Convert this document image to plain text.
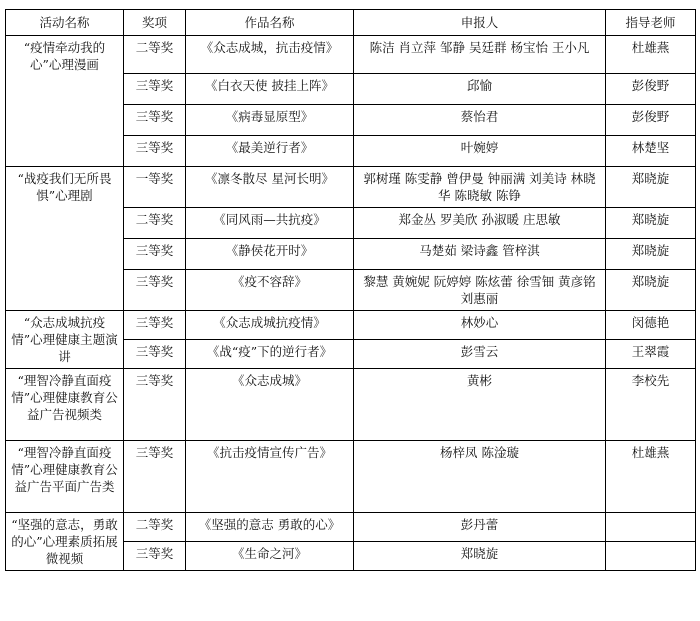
活动名称	奖项	作品名称	申报人	指导老师
“疫情牵动我的心”心理漫画	二等奖	《众志成城，抗击疫情》	陈洁 肖立萍 邹静 吴廷群 杨宝怡 王小凡	杜雄燕
	三等奖	《白衣天使 披挂上阵》	邱愉	彭俊野
	三等奖	《病毒显原型》	蔡怡君	彭俊野
	三等奖	《最美逆行者》	叶婉婷	林楚坚
“战疫我们无所畏惧”心理剧	一等奖	《凛冬散尽 星河长明》	郭树瑾 陈雯静 曾伊曼 钟丽满 刘美诗 林晓华 陈晓敏 陈铮	郑晓旋
	二等奖	《同风雨—共抗疫》	郑金丛 罗美欣 孙淑暖 庄思敏	郑晓旋
	三等奖	《静侯花开时》	马楚茹 梁诗鑫 管梓淇	郑晓旋
	三等奖	《疫不容辞》	黎慧 黄婉妮 阮婷婷 陈炫蕾 徐雪钿 黄彦铭 刘惠丽	郑晓旋
“众志成城抗疫情”心理健康主题演讲	三等奖	《众志成城抗疫情》	林妙心	闵德艳
	三等奖	《战“疫”下的逆行者》	彭雪云	王翠霞
“理智冷静直面疫情”心理健康教育公益广告视频类	三等奖	《众志成城》	黄彬	李校先
“理智冷静直面疫情”心理健康教育公益广告平面广告类	三等奖	《抗击疫情宣传广告》	杨梓凤 陈淦璇	杜雄燕
“坚强的意志，勇敢的心”心理素质拓展微视频	二等奖	《坚强的意志 勇敢的心》	彭丹蕾	
	三等奖	《生命之河》	郑晓旋	
